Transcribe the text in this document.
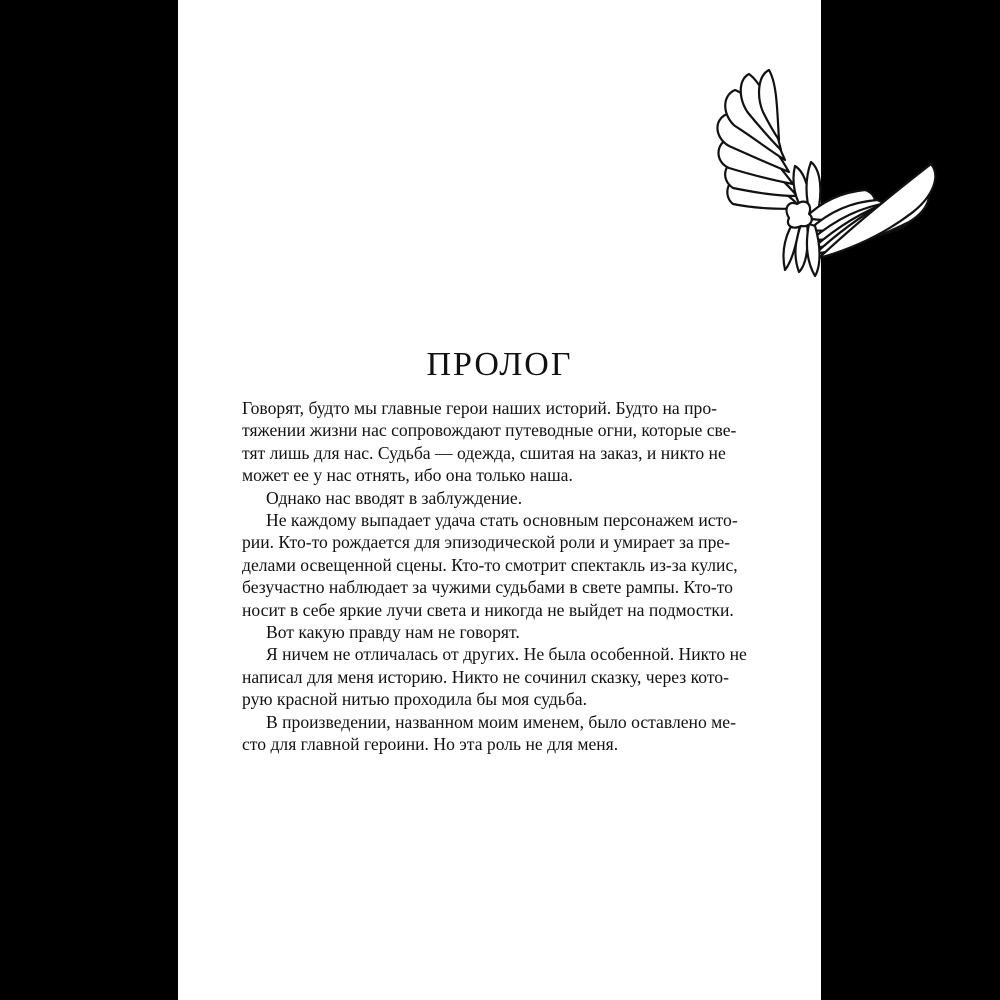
ПРОЛОГ
Говорят, будто мы главные герои наших историй. Будто на про-
тяжении жизни нас сопровождают путеводные огни, которые све-
тят лишь для нас. Судьба — одежда, сшитая на заказ, и никто не
может ее у нас отнять, ибо она только наша.
Однако нас вводят в заблуждение.
Не каждому выпадает удача стать основным персонажем исто-
рии. Кто-то рождается для эпизодической роли и умирает за пре-
делами освещенной сцены. Кто-то смотрит спектакль из-за кулис,
безучастно наблюдает за чужими судьбами в свете рампы. Кто-то
носит в себе яркие лучи света и никогда не выйдет на подмостки.
Вот какую правду нам не говорят.
Я ничем не отличалась от других. Не была особенной. Никто не
написал для меня историю. Никто не сочинил сказку, через кото-
рую красной нитью проходила бы моя судьба.
В произведении, названном моим именем, было оставлено ме-
сто для главной героини. Но эта роль не для меня.
